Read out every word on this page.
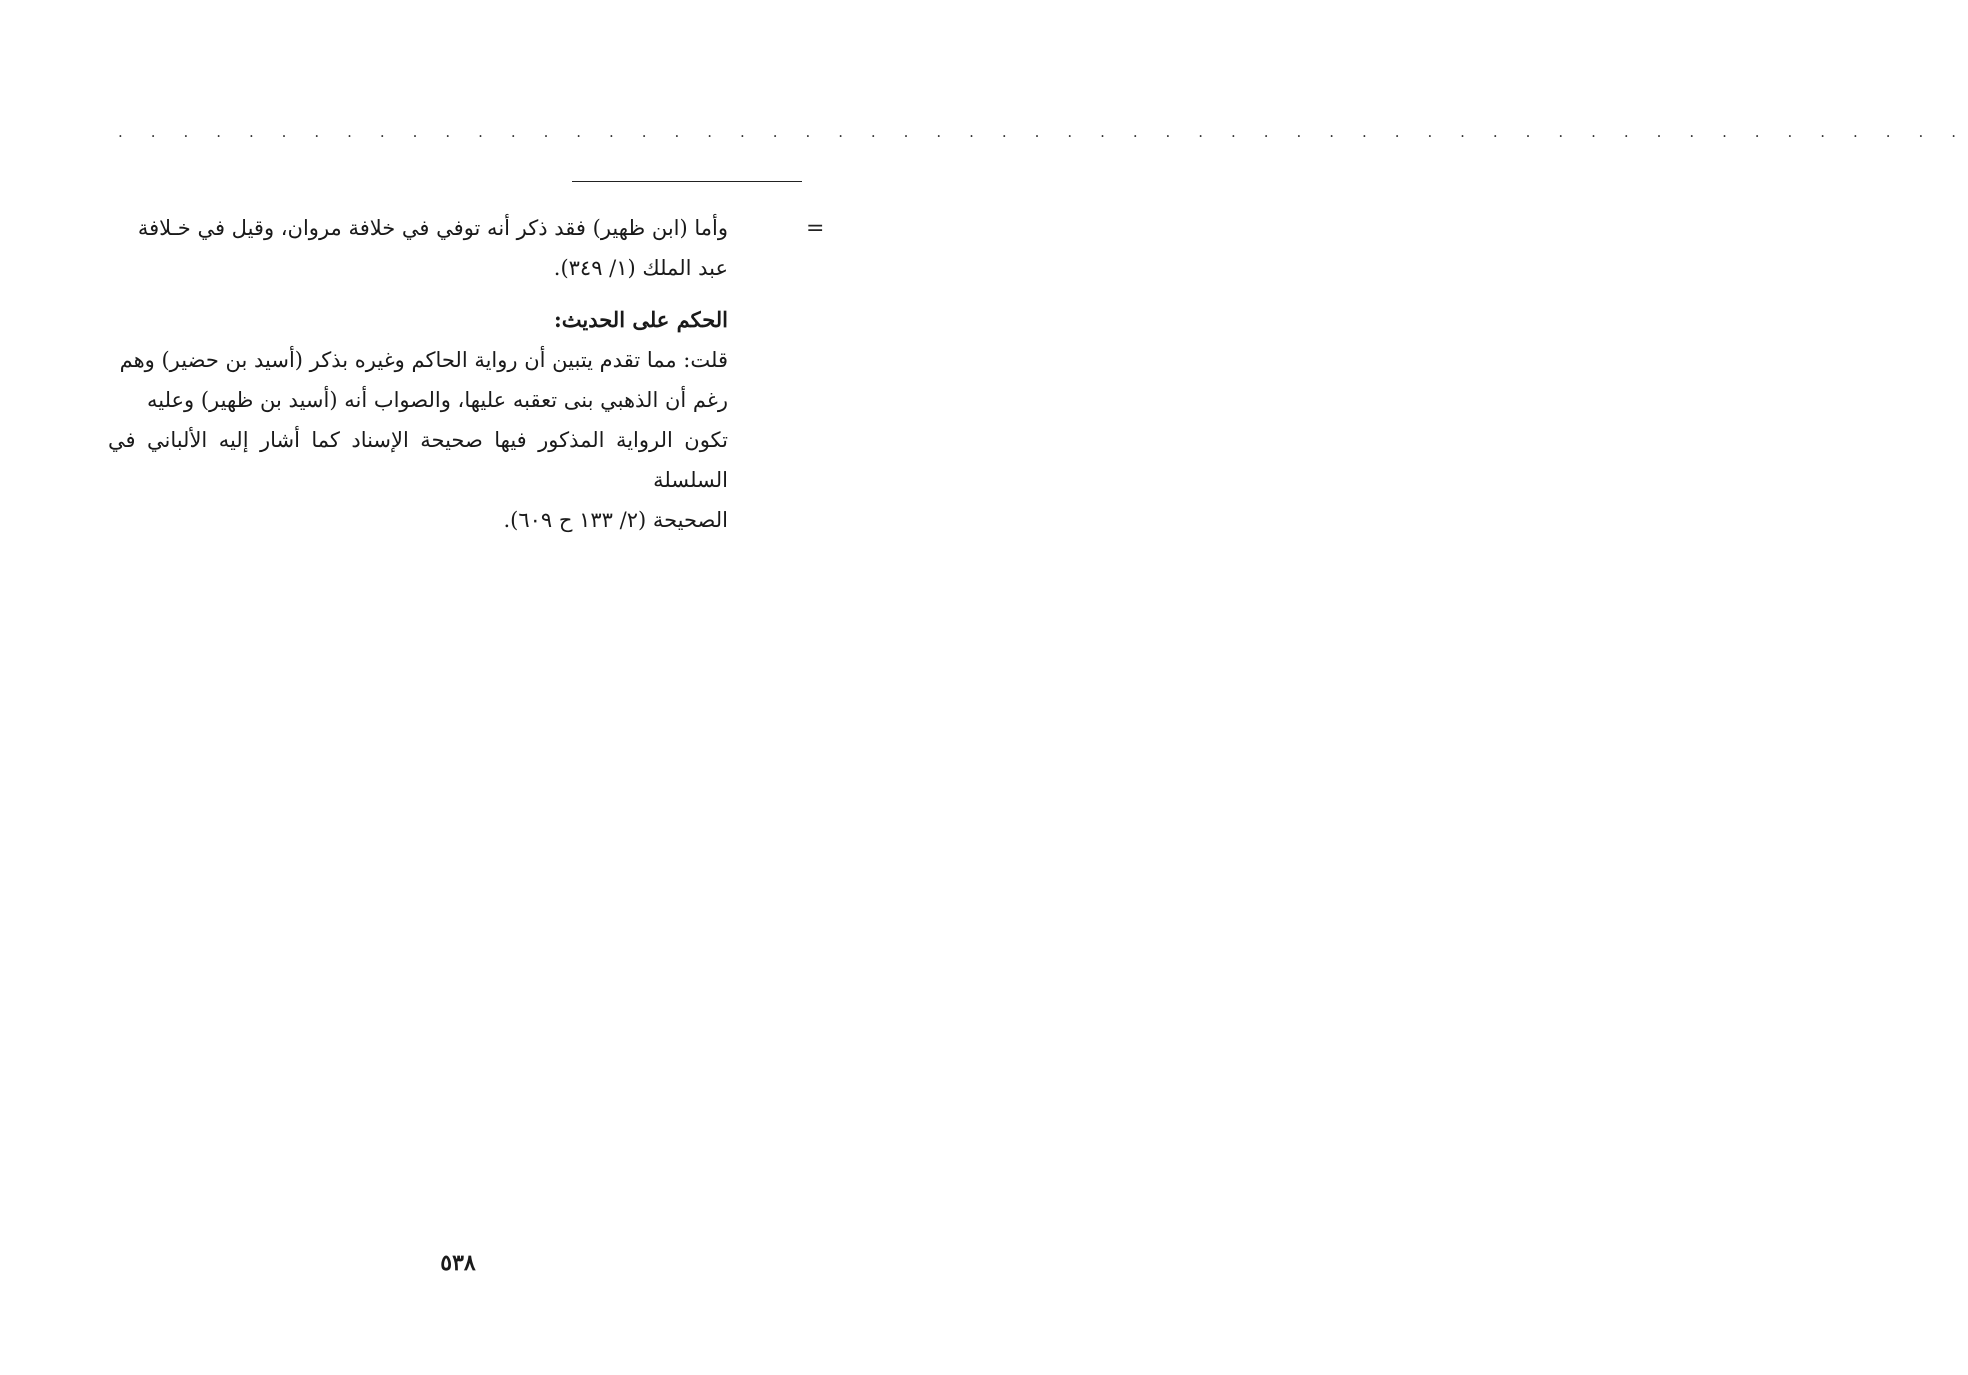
. . . . . . . . . . . . . . . . . . . . . . . . . . . . . . . . . . . . . . . . . . . . . . . . . . . . . . . . .
=
وأما (ابن ظهير) فقد ذكر أنه توفي في خلافة مروان، وقيل في خـلافة
عبد الملك (١/ ٣٤٩).
الحكم على الحديث:
قلت: مما تقدم يتبين أن رواية الحاكم وغيره بذكر (أسيد بن حضير) وهم
رغم أن الذهبي بنى تعقبه عليها، والصواب أنه (أسيد بن ظهير) وعليه
تكون الرواية المذكور فيها صحيحة الإسناد كما أشار إليه الألباني في السلسلة
الصحيحة (٢/ ١٣٣ ح ٦٠٩).
٥٣٨
